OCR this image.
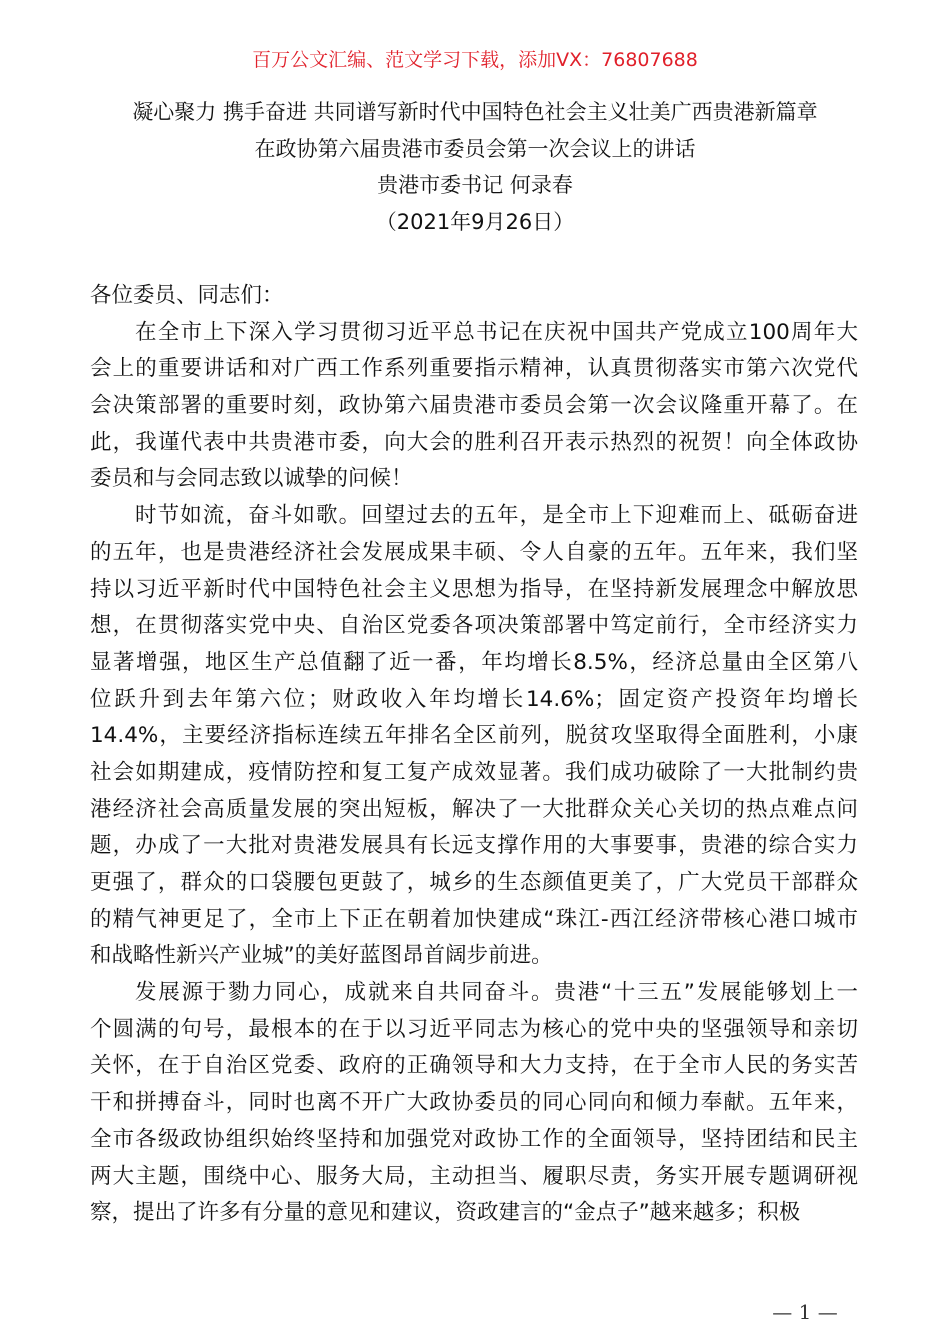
百万公文汇编、范文学习下载，添加VX：76807688
凝心聚力 携手奋进 共同谱写新时代中国特色社会主义壮美广西贵港新篇章
在政协第六届贵港市委员会第一次会议上的讲话
贵港市委书记 何录春
（2021年9月26日）
各位委员、同志们：
在全市上下深入学习贯彻习近平总书记在庆祝中国共产党成立100周年大
会上的重要讲话和对广西工作系列重要指示精神，认真贯彻落实市第六次党代
会决策部署的重要时刻，政协第六届贵港市委员会第一次会议隆重开幕了。在
此，我谨代表中共贵港市委，向大会的胜利召开表示热烈的祝贺！向全体政协
委员和与会同志致以诚挚的问候！
时节如流，奋斗如歌。回望过去的五年，是全市上下迎难而上、砥砺奋进
的五年，也是贵港经济社会发展成果丰硕、令人自豪的五年。五年来，我们坚
持以习近平新时代中国特色社会主义思想为指导，在坚持新发展理念中解放思
想，在贯彻落实党中央、自治区党委各项决策部署中笃定前行，全市经济实力
显著增强，地区生产总值翻了近一番，年均增长8.5%，经济总量由全区第八
位跃升到去年第六位；财政收入年均增长14.6%；固定资产投资年均增长
14.4%，主要经济指标连续五年排名全区前列，脱贫攻坚取得全面胜利，小康
社会如期建成，疫情防控和复工复产成效显著。我们成功破除了一大批制约贵
港经济社会高质量发展的突出短板，解决了一大批群众关心关切的热点难点问
题，办成了一大批对贵港发展具有长远支撑作用的大事要事，贵港的综合实力
更强了，群众的口袋腰包更鼓了，城乡的生态颜值更美了，广大党员干部群众
的精气神更足了，全市上下正在朝着加快建成“珠江-西江经济带核心港口城市
和战略性新兴产业城”的美好蓝图昂首阔步前进。
发展源于勠力同心，成就来自共同奋斗。贵港“十三五”发展能够划上一
个圆满的句号，最根本的在于以习近平同志为核心的党中央的坚强领导和亲切
关怀，在于自治区党委、政府的正确领导和大力支持，在于全市人民的务实苦
干和拼搏奋斗，同时也离不开广大政协委员的同心同向和倾力奉献。五年来，
全市各级政协组织始终坚持和加强党对政协工作的全面领导，坚持团结和民主
两大主题，围绕中心、服务大局，主动担当、履职尽责，务实开展专题调研视
察，提出了许多有分量的意见和建议，资政建言的“金点子”越来越多；积极
— 1 —
